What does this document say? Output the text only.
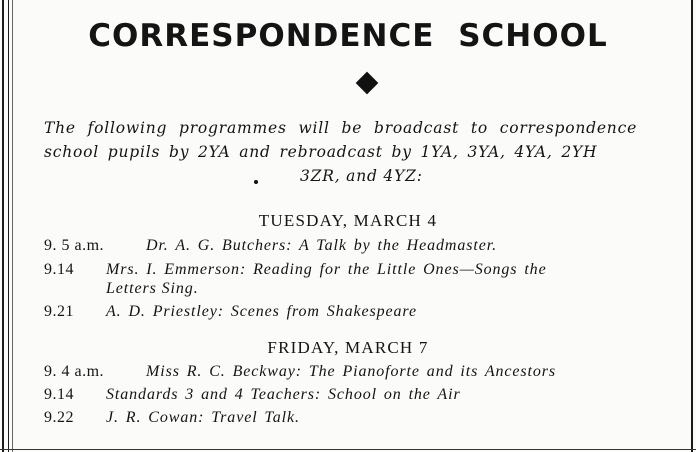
CORRESPONDENCE SCHOOL
The following programmes will be broadcast to correspondence
school pupils by 2YA and rebroadcast by 1YA, 3YA, 4YA, 2YH
3ZR, and 4YZ:
TUESDAY, MARCH 4
9. 5 a.m.	Dr. A. G. Butchers: A Talk by the Headmaster.
9.14 Mrs. I. Emmerson: Reading for the Little Ones—Songs the
Letters Sing.
9.21 A. D. Priestley: Scenes from Shakespeare
FRIDAY, MARCH 7
9. 4 a.m.	Miss R. C. Beckway: The Pianoforte and its Ancestors
9.14 Standards 3 and 4 Teachers: School on the Air
9.22 J. R. Cowan: Travel Talk.
